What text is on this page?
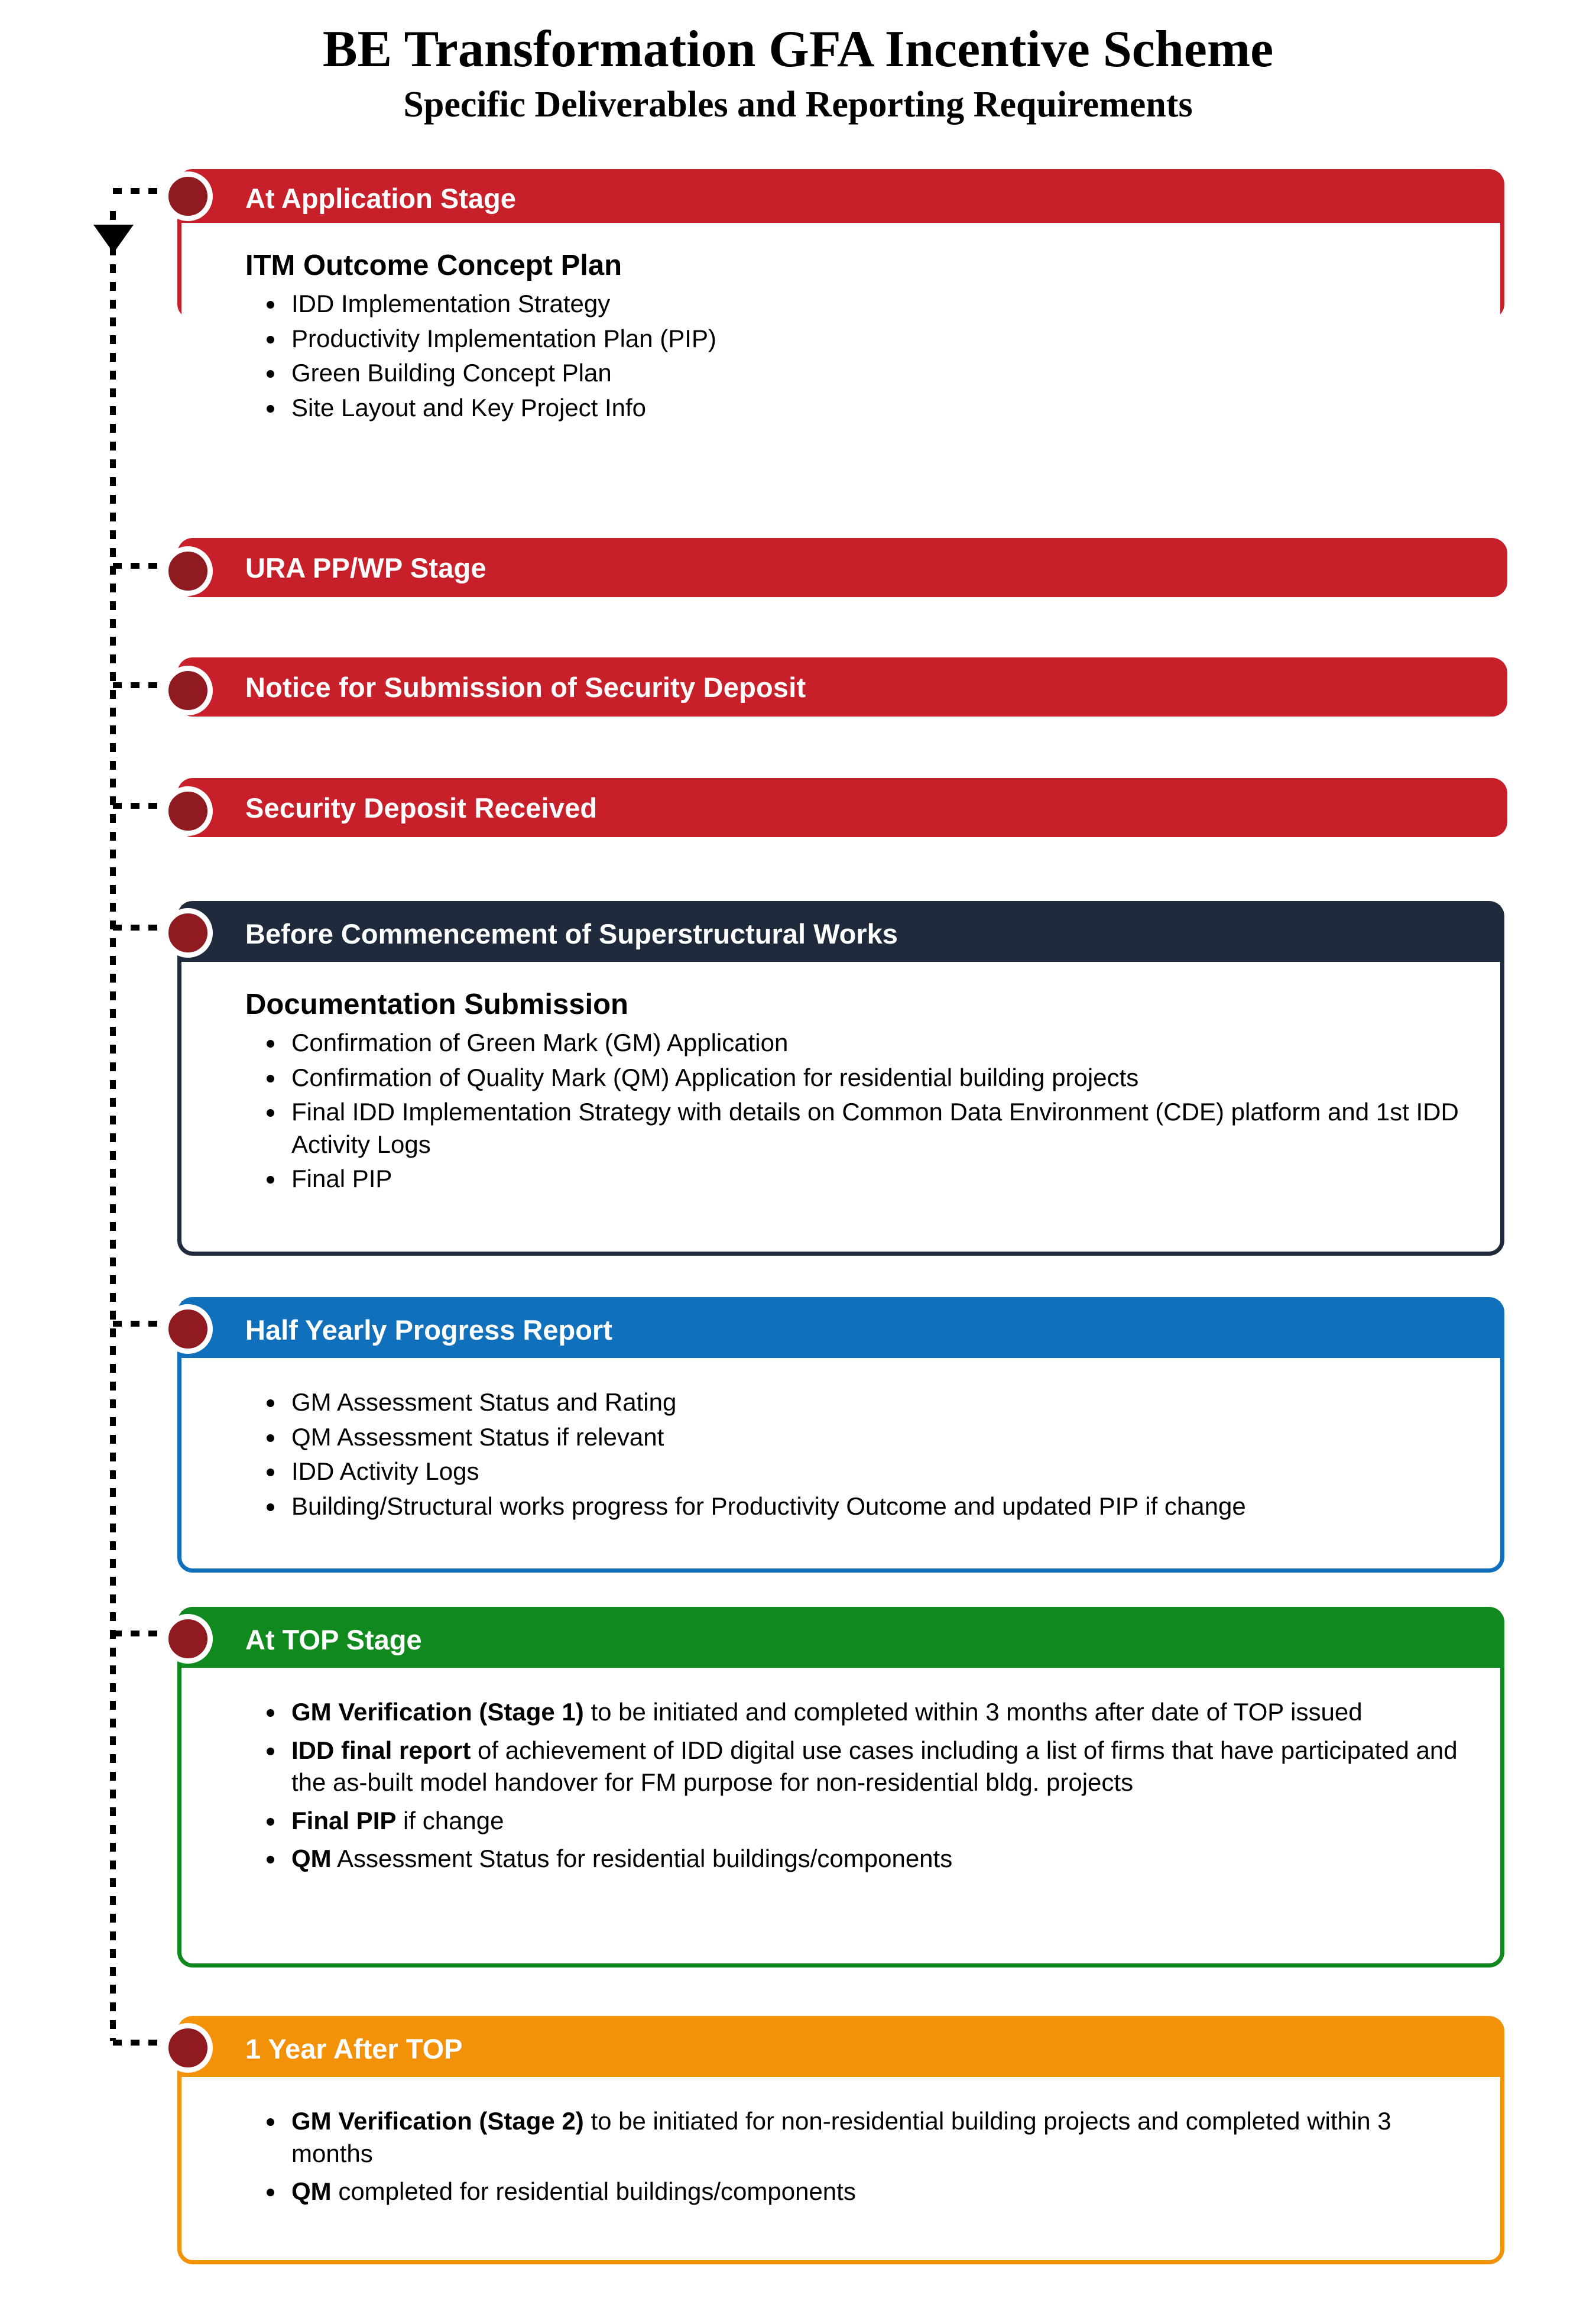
BE Transformation GFA Incentive Scheme
Specific Deliverables and Reporting Requirements
At Application Stage
ITM Outcome Concept Plan
• IDD Implementation Strategy
• Productivity Implementation Plan (PIP)
• Green Building Concept Plan
• Site Layout and Key Project Info
URA PP/WP Stage
Notice for Submission of Security Deposit
Security Deposit Received
Before Commencement of Superstructural Works
Documentation Submission
• Confirmation of Green Mark (GM) Application
• Confirmation of Quality Mark (QM) Application for residential building projects
• Final IDD Implementation Strategy with details on Common Data Environment (CDE) platform and 1st IDD Activity Logs
• Final PIP
Half Yearly Progress Report
• GM Assessment Status and Rating
• QM Assessment Status if relevant
• IDD Activity Logs
• Building/Structural works progress for Productivity Outcome and updated PIP if change
At TOP Stage
• GM Verification (Stage 1) to be initiated and completed within 3 months after date of TOP issued
• IDD final report of achievement of IDD digital use cases including a list of firms that have participated and the as-built model handover for FM purpose for non-residential bldg. projects
• Final PIP if change
• QM Assessment Status for residential buildings/components
1 Year After TOP
• GM Verification (Stage 2) to be initiated for non-residential building projects and completed within 3 months
• QM completed for residential buildings/components
